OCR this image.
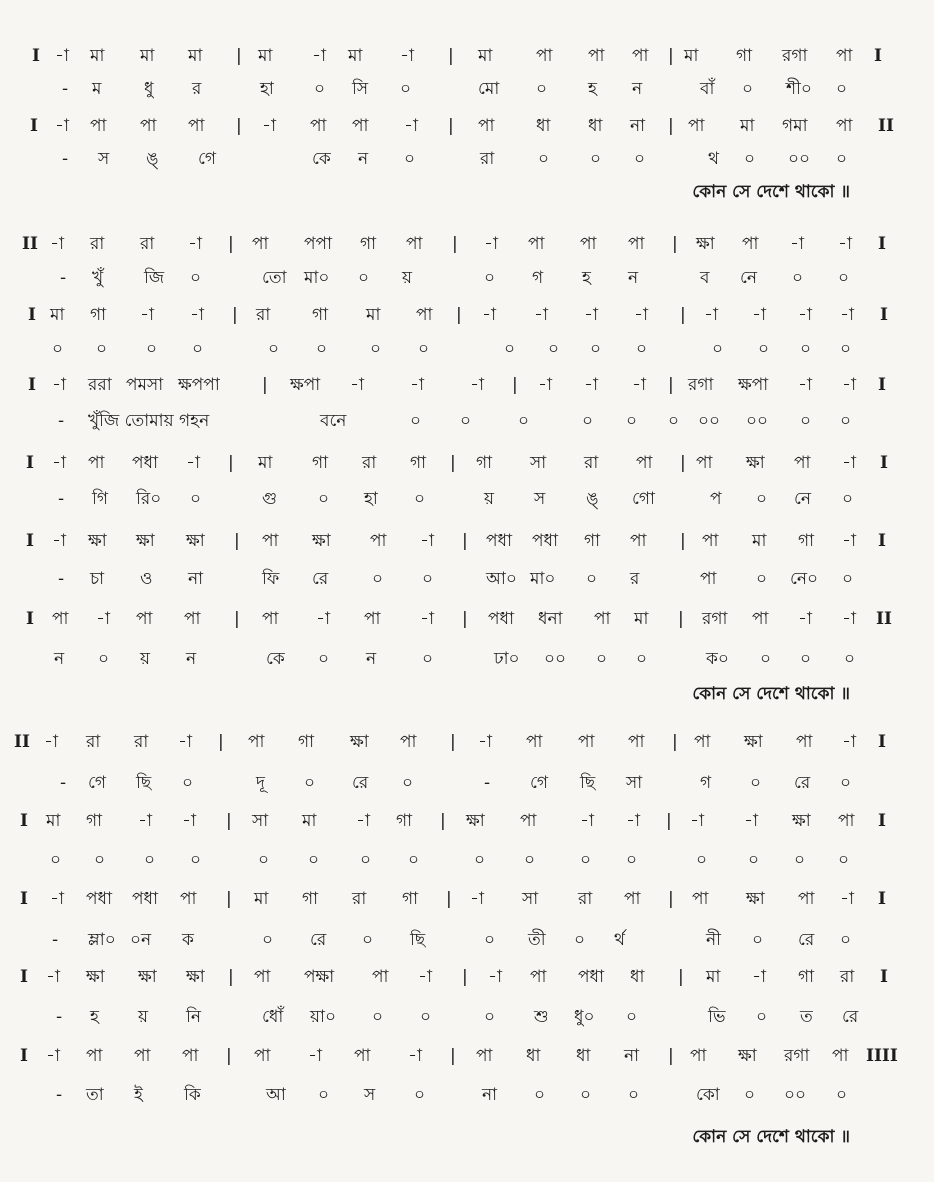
I -া মা মা মা | মা -া মা -া | মা	পা পা পা | মা গা রগা পা I
- ম	ধু র	হা ০ সি ০	মো ০ হ ন	বাঁ ০ শী০ ০
I -া পা পা পা | -া পা পা -া | পা ধা ধা না | পা মা গমা পা II
- স ঙ্ গে	কে ন ০	রা	০ ০ ০	থ ০ ০০ ০
কোন সে দেশে থাকো ॥
II -া রা রা -া | পা পপা গা পা | -া পা পা পা | ক্ষা পা -া -া I
- খুঁ জি ০	তো মা০ ০ য়	০ গ হ ন	ব নে ০ ০
I মা গা -া -া | রা গা মা পা | -া -া -া -া | -া -া -া -া I
০ ০ ০ ০	০ ০	০ ০	০ ০ ০ ০	০ ০ ০ ০
I -া ররা পমসা ক্ষপপা | ক্ষপা -া	-া	-া | -া -া -া | রগা ক্ষপা -া -া I
- খুঁজি তোমায় গহন	বনে	০ ০	০	০ ০ ০ ০০ ০০ ০ ০
I -া পা পধা -া | মা গা রা গা | গা সা রা পা | পা ক্ষা পা -া I
- গি রি০ ০	গু ০ হা ০	য় স ঙ্ গো	প ০ নে ০
I -া ক্ষা ক্ষা ক্ষা | পা ক্ষা পা -া | পধা পধা গা পা | পা মা গা -া I
- চা ও না	ফি রে	০ ০	আ০ মা০ ০ র	পা ০ নে০ ০
I পা -া পা পা | পা -া পা -া | পধা ধনা পা মা | রগা পা -া -া II
ন ০ য় ন	কে ০ ন	০	ঢা০ ০০ ০ ০	ক০ ০ ০ ০
কোন সে দেশে থাকো ॥
II -া রা রা -া | পা গা ক্ষা পা | -া পা পা পা | পা ক্ষা পা -া I
- গে ছি ০	দূ ০ রে ০	- গে ছি সা	গ ০ রে ০
I মা গা -া -া | সা মা -া গা | ক্ষা পা	-া -া | -া -া ক্ষা পা I
০ ০ ০ ০	০ ০ ০ ০	০ ০	০ ০	০ ০ ০ ০
I -া পধা পধা পা | মা গা রা গা | -া সা রা পা | পা ক্ষা পা -া I
- ম্লা০ ০ন ক	০ রে ০ ছি	০ তী ০ র্থ	নী ০ রে ০
I -া ক্ষা ক্ষা ক্ষা | পা পক্ষা পা -া | -া পা পধা ধা | মা -া গা রা I
- হ য় নি	ধোঁ য়া০ ০ ০	০ শু ধু০ ০	ভি ০ ত রে
I -া পা পা পা | পা -া পা -া | পা ধা ধা না | পা ক্ষা রগা পা IIII
- তা ই কি	আ ০ স ০	না ০ ০ ০	কো ০ ০০ ০
কোন সে দেশে থাকো ॥
